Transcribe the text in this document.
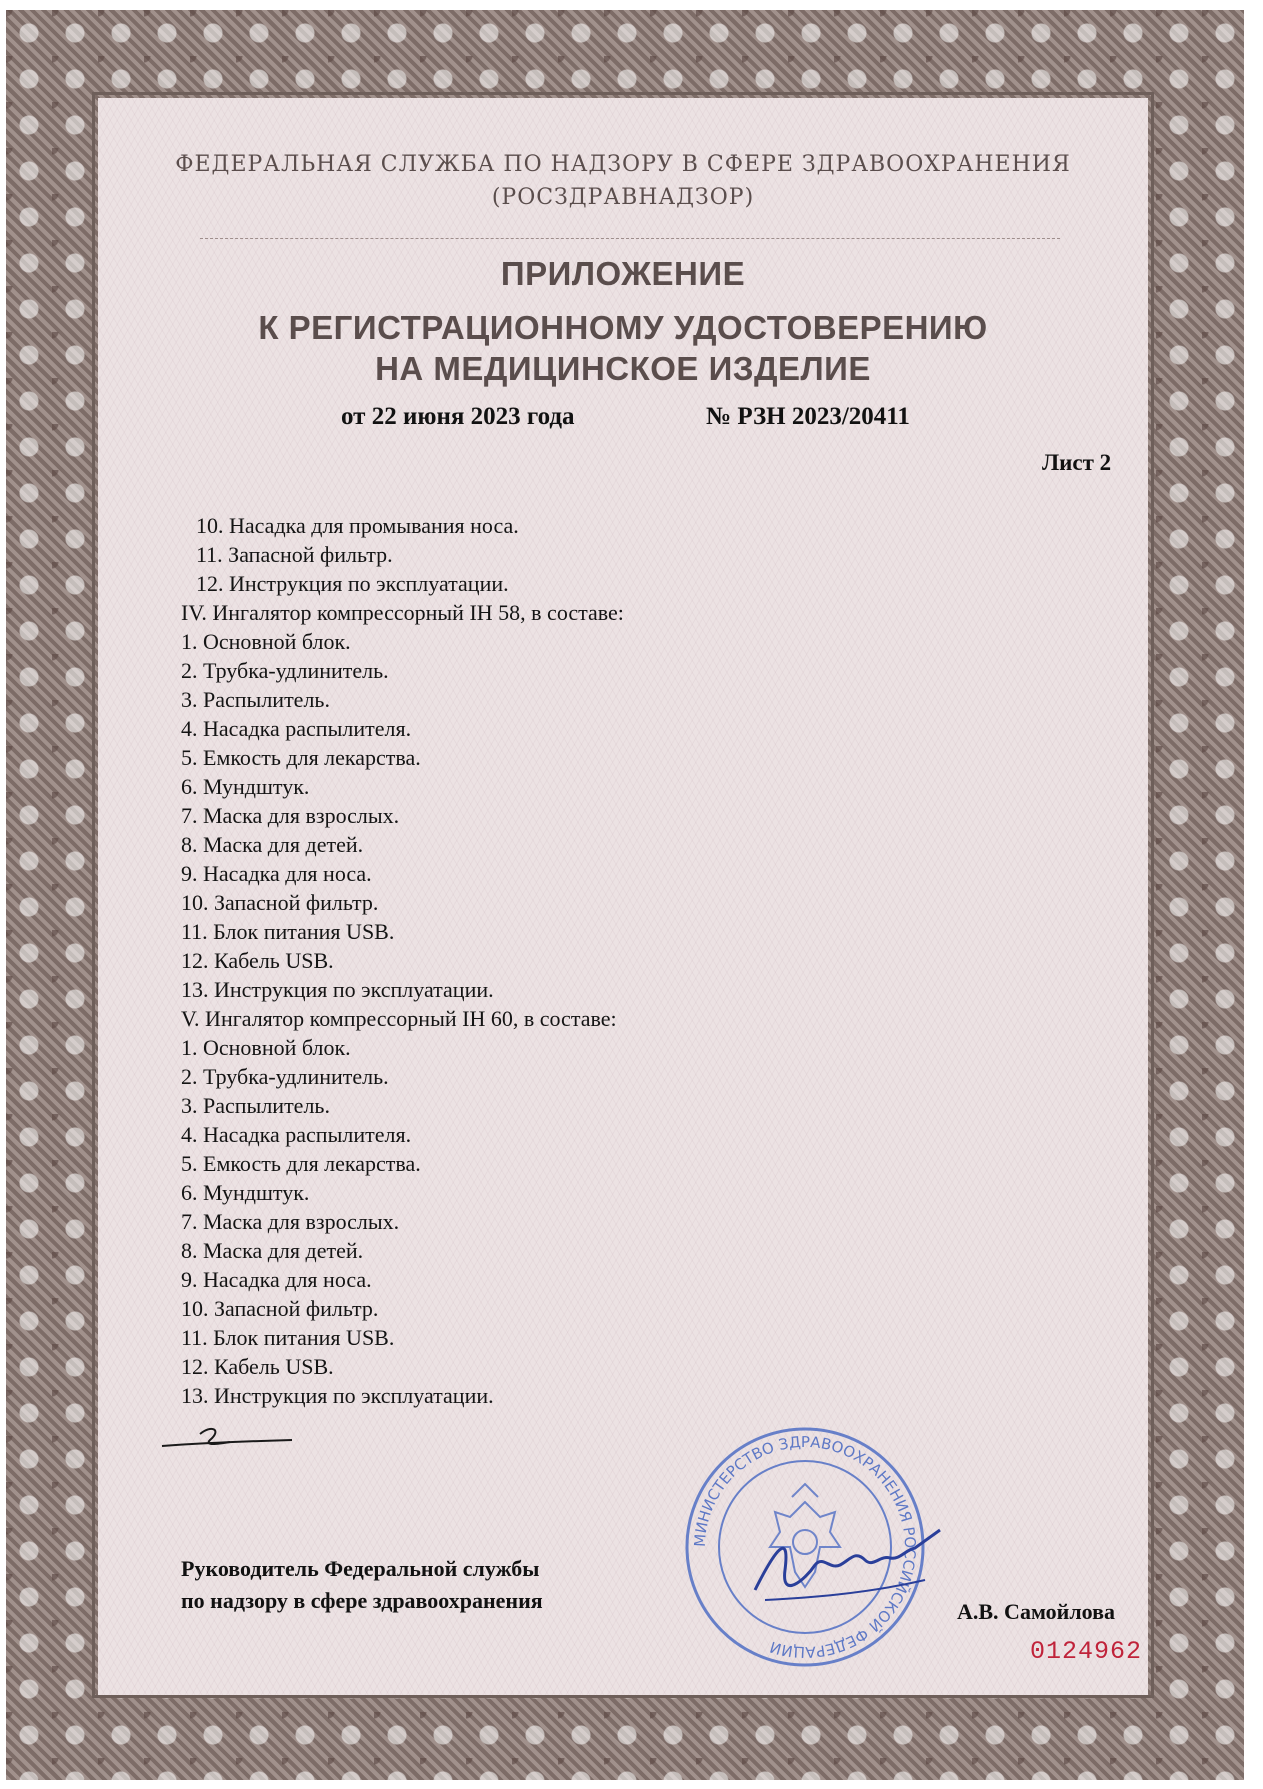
ФЕДЕРАЛЬНАЯ СЛУЖБА ПО НАДЗОРУ В СФЕРЕ ЗДРАВООХРАНЕНИЯ
(РОСЗДРАВНАДЗОР)
ПРИЛОЖЕНИЕ
К РЕГИСТРАЦИОННОМУ УДОСТОВЕРЕНИЮ
НА МЕДИЦИНСКОЕ ИЗДЕЛИЕ
от 22 июня 2023 года	№ РЗН 2023/20411
Лист 2
10. Насадка для промывания носа.
11. Запасной фильтр.
12. Инструкция по эксплуатации.
IV. Ингалятор компрессорный IH 58, в составе:
1. Основной блок.
2. Трубка-удлинитель.
3. Распылитель.
4. Насадка распылителя.
5. Емкость для лекарства.
6. Мундштук.
7. Маска для взрослых.
8. Маска для детей.
9. Насадка для носа.
10. Запасной фильтр.
11. Блок питания USB.
12. Кабель USB.
13. Инструкция по эксплуатации.
V. Ингалятор компрессорный IH 60, в составе:
1. Основной блок.
2. Трубка-удлинитель.
3. Распылитель.
4. Насадка распылителя.
5. Емкость для лекарства.
6. Мундштук.
7. Маска для взрослых.
8. Маска для детей.
9. Насадка для носа.
10. Запасной фильтр.
11. Блок питания USB.
12. Кабель USB.
13. Инструкция по эксплуатации.
МИНИСТЕРСТВО ЗДРАВООХРАНЕНИЯ РОССИЙСКОЙ ФЕДЕРАЦИИ
Руководитель Федеральной службы
по надзору в сфере здравоохранения	А.В. Самойлова
0124962
